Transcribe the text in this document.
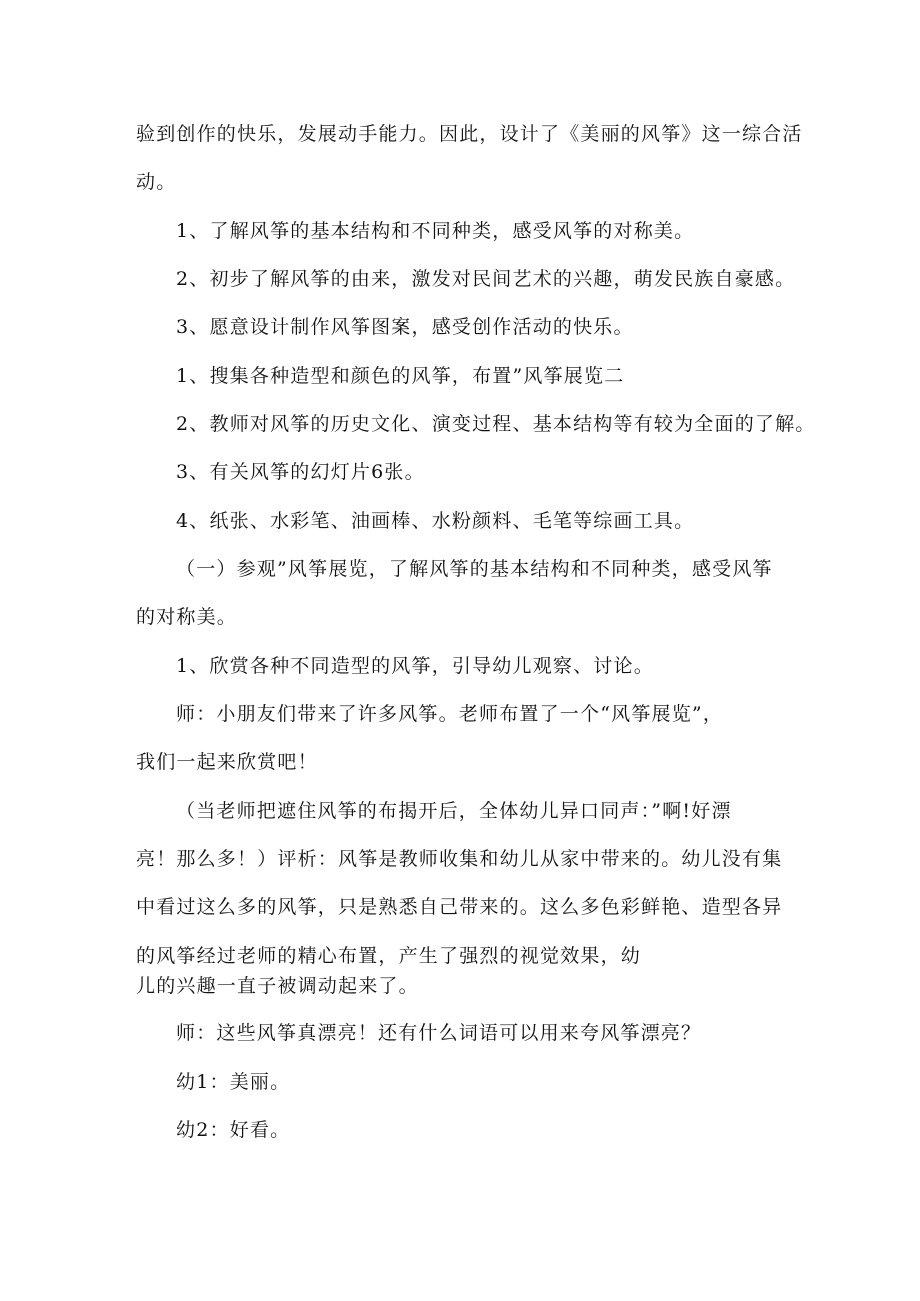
验到创作的快乐，发展动手能力。因此，设计了《美丽的风筝》这一综合活

动。

1、了解风筝的基本结构和不同种类，感受风筝的对称美。

2、初步了解风筝的由来，激发对民间艺术的兴趣，萌发民族自豪感。

3、愿意设计制作风筝图案，感受创作活动的快乐。

1、搜集各种造型和颜色的风筝，布置”风筝展览二

2、教师对风筝的历史文化、演变过程、基本结构等有较为全面的了解。

3、有关风筝的幻灯片6张。

4、纸张、水彩笔、油画棒、水粉颜料、毛笔等综画工具。

（一）参观”风筝展览，了解风筝的基本结构和不同种类，感受风筝

的对称美。

1、欣赏各种不同造型的风筝，引导幼儿观察、讨论。

师：小朋友们带来了许多风筝。老师布置了一个“风筝展览”，

我们一起来欣赏吧！

（当老师把遮住风筝的布揭开后，全体幼儿异口同声：”啊!好漂

亮！那么多！）评析：风筝是教师收集和幼儿从家中带来的。幼儿没有集

中看过这么多的风筝，只是熟悉自己带来的。这么多色彩鲜艳、造型各异

的风筝经过老师的精心布置，产生了强烈的视觉效果，幼

儿的兴趣一直子被调动起来了。

师：这些风筝真漂亮！还有什么词语可以用来夸风筝漂亮？

幼1：美丽。

幼2：好看。
